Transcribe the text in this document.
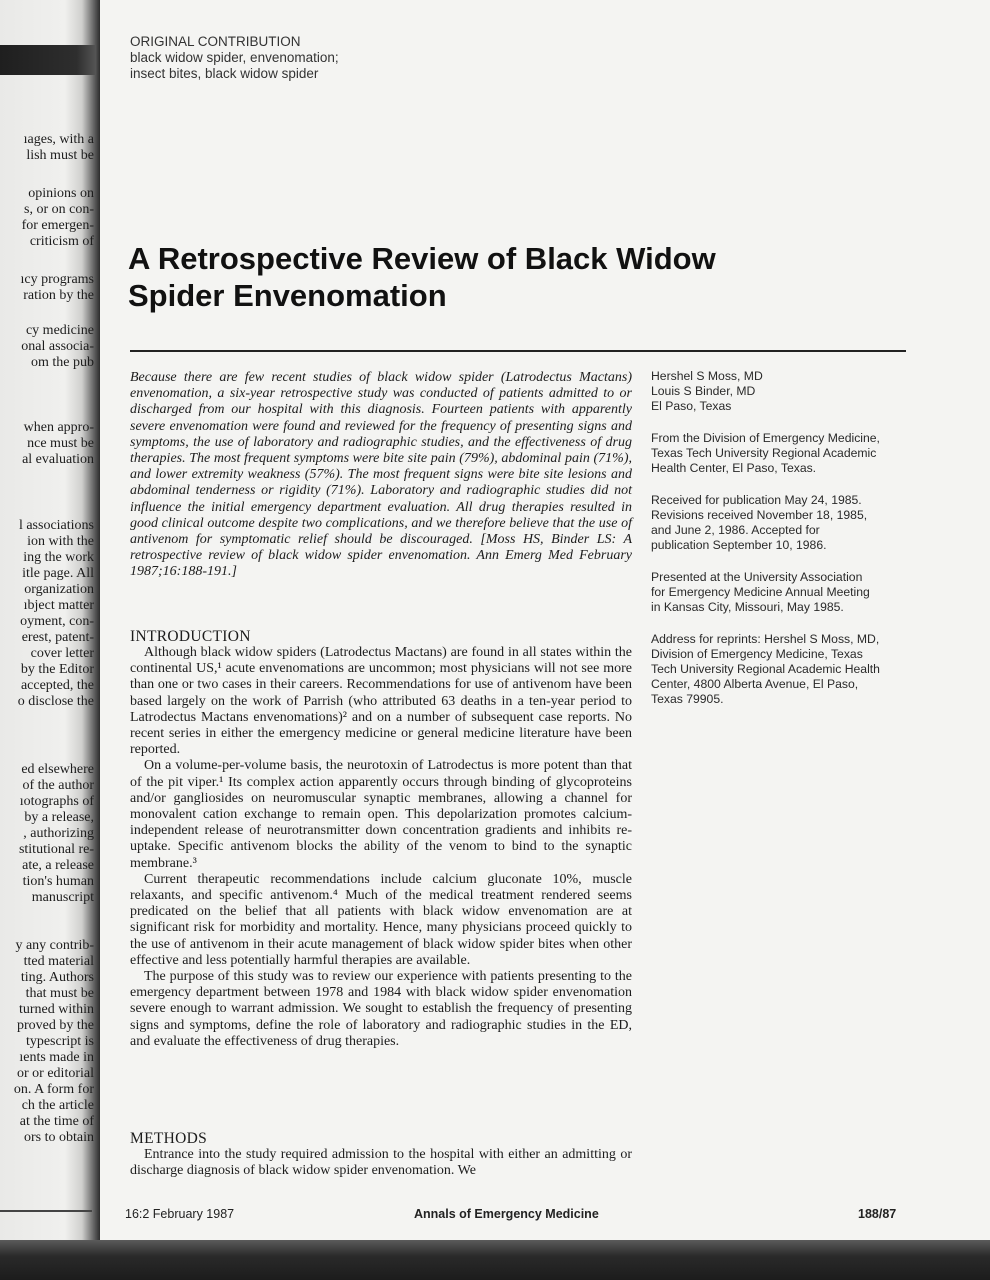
ıages, with a
lish must be
opinions on
s, or on con-
for emergen-
criticism of
ıcy programs
ration by the
cy medicine
onal associa-
om the pub
when appro-
nce must be
al evaluation
l associations
ion with the
ing the work
itle page. All
organization
ıbject matter
oyment, con-
erest, patent-
cover letter
by the Editor
accepted, the
o disclose the
ed elsewhere
of the author
ıotographs of
by a release,
, authorizing
stitutional re-
ate, a release
tion's human
manuscript
y any contrib-
tted material
ting. Authors
that must be
turned within
proved by the
typescript is
ıents made in
or or editorial
on. A form for
ch the article
at the time of
ors to obtain
ORIGINAL CONTRIBUTION
black widow spider, envenomation;
insect bites, black widow spider
A Retrospective Review of Black Widow
Spider Envenomation
Because there are few recent studies of black widow spider (Latrodectus Mactans) envenomation, a six-year retrospective study was conducted of patients admitted to or discharged from our hospital with this diagnosis. Fourteen patients with apparently severe envenomation were found and reviewed for the frequency of presenting signs and symptoms, the use of laboratory and radiographic studies, and the effectiveness of drug therapies. The most frequent symptoms were bite site pain (79%), abdominal pain (71%), and lower extremity weakness (57%). The most frequent signs were bite site lesions and abdominal tenderness or rigidity (71%). Laboratory and radiographic studies did not influence the initial emergency department evaluation. All drug therapies resulted in good clinical outcome despite two complications, and we therefore believe that the use of antivenom for symptomatic relief should be discouraged. [Moss HS, Binder LS: A retrospective review of black widow spider envenomation. Ann Emerg Med February 1987;16:188-191.]
INTRODUCTION

Although black widow spiders (Latrodectus Mactans) are found in all states within the continental US,¹ acute envenomations are uncommon; most physicians will not see more than one or two cases in their careers. Recommendations for use of antivenom have been based largely on the work of Parrish (who attributed 63 deaths in a ten-year period to Latrodectus Mactans envenomations)² and on a number of subsequent case reports. No recent series in either the emergency medicine or general medicine literature have been reported.

On a volume-per-volume basis, the neurotoxin of Latrodectus is more potent than that of the pit viper.¹ Its complex action apparently occurs through binding of glycoproteins and/or gangliosides on neuromuscular synaptic membranes, allowing a channel for monovalent cation exchange to remain open. This depolarization promotes calcium-independent release of neurotransmitter down concentration gradients and inhibits re-uptake. Specific antivenom blocks the ability of the venom to bind to the synaptic membrane.³

Current therapeutic recommendations include calcium gluconate 10%, muscle relaxants, and specific antivenom.⁴ Much of the medical treatment rendered seems predicated on the belief that all patients with black widow envenomation are at significant risk for morbidity and mortality. Hence, many physicians proceed quickly to the use of antivenom in their acute management of black widow spider bites when other effective and less potentially harmful therapies are available.

The purpose of this study was to review our experience with patients presenting to the emergency department between 1978 and 1984 with black widow spider envenomation severe enough to warrant admission. We sought to establish the frequency of presenting signs and symptoms, define the role of laboratory and radiographic studies in the ED, and evaluate the effectiveness of drug therapies.

METHODS

Entrance into the study required admission to the hospital with either an admitting or discharge diagnosis of black widow spider envenomation. We

Hershel S Moss, MD
Louis S Binder, MD
El Paso, Texas
From the Division of Emergency Medicine,
Texas Tech University Regional Academic
Health Center, El Paso, Texas.
Received for publication May 24, 1985.
Revisions received November 18, 1985,
and June 2, 1986. Accepted for
publication September 10, 1986.
Presented at the University Association
for Emergency Medicine Annual Meeting
in Kansas City, Missouri, May 1985.
Address for reprints: Hershel S Moss, MD,
Division of Emergency Medicine, Texas
Tech University Regional Academic Health
Center, 4800 Alberta Avenue, El Paso,
Texas 79905.
16:2 February 1987	Annals of Emergency Medicine	188/87
